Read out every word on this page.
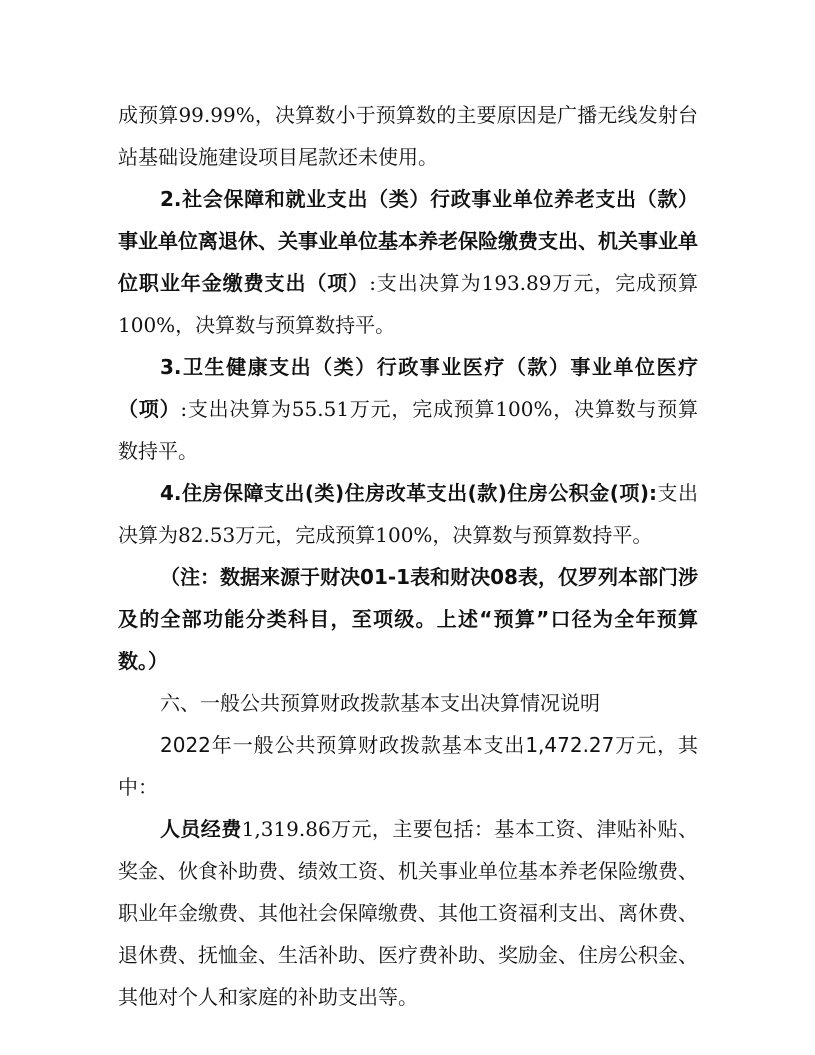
成预算99.99%，决算数小于预算数的主要原因是广播无线发射台站基础设施建设项目尾款还未使用。

2.社会保障和就业支出（类）行政事业单位养老支出（款）事业单位离退休、关事业单位基本养老保险缴费支出、机关事业单位职业年金缴费支出（项）:支出决算为193.89万元，完成预算100%，决算数与预算数持平。

3.卫生健康支出（类）行政事业医疗（款）事业单位医疗（项）:支出决算为55.51万元，完成预算100%，决算数与预算数持平。

4.住房保障支出(类)住房改革支出(款)住房公积金(项):支出决算为82.53万元，完成预算100%，决算数与预算数持平。

（注：数据来源于财决01-1表和财决08表，仅罗列本部门涉及的全部功能分类科目，至项级。上述“预算”口径为全年预算数。）

六、一般公共预算财政拨款基本支出决算情况说明

2022年一般公共预算财政拨款基本支出1,472.27万元，其中：

人员经费1,319.86万元，主要包括：基本工资、津贴补贴、奖金、伙食补助费、绩效工资、机关事业单位基本养老保险缴费、职业年金缴费、其他社会保障缴费、其他工资福利支出、离休费、退休费、抚恤金、生活补助、医疗费补助、奖励金、住房公积金、其他对个人和家庭的补助支出等。
